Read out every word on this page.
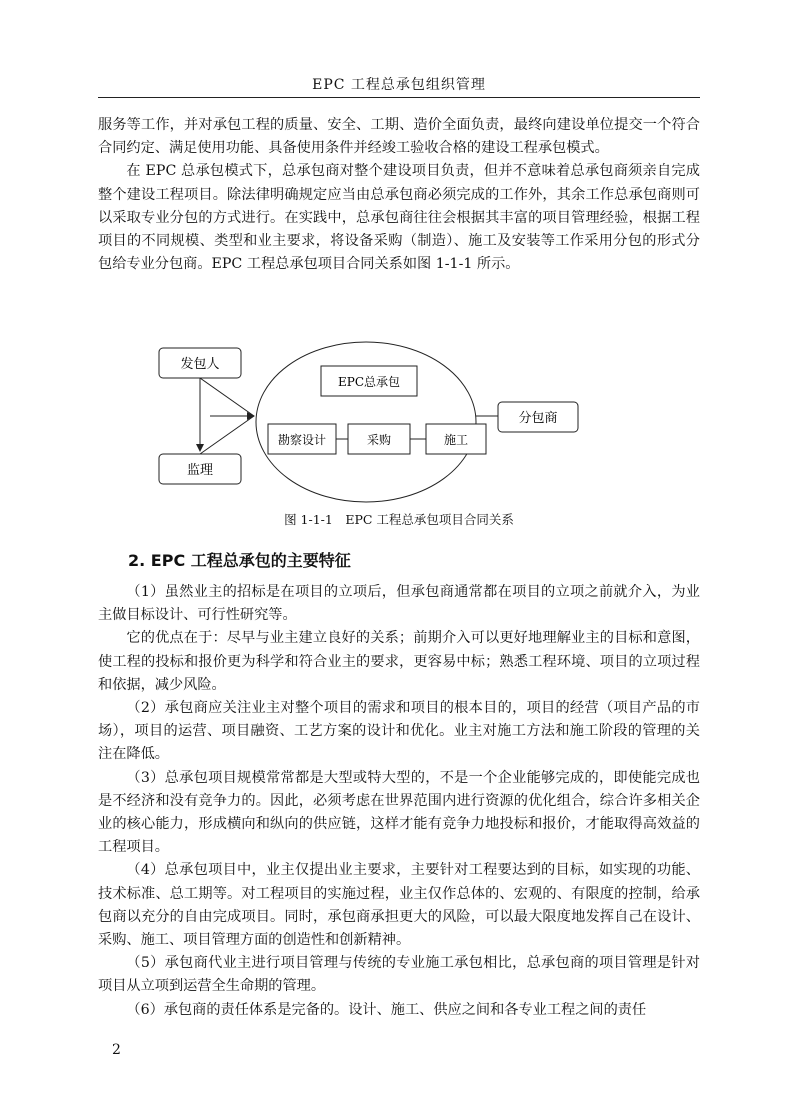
EPC 工程总承包组织管理

服务等工作，并对承包工程的质量、安全、工期、造价全面负责，最终向建设单位提交一个符合合同约定、满足使用功能、具备使用条件并经竣工验收合格的建设工程承包模式。

在 EPC 总承包模式下，总承包商对整个建设项目负责，但并不意味着总承包商须亲自完成整个建设工程项目。除法律明确规定应当由总承包商必须完成的工作外，其余工作总承包商则可以采取专业分包的方式进行。在实践中，总承包商往往会根据其丰富的项目管理经验，根据工程项目的不同规模、类型和业主要求，将设备采购（制造）、施工及安装等工作采用分包的形式分包给专业分包商。EPC 工程总承包项目合同关系如图 1-1-1 所示。

发包人
监理
EPC总承包
勘察设计	采购	施工
分包商
图 1-1-1　EPC 工程总承包项目合同关系
2. EPC 工程总承包的主要特征

（1）虽然业主的招标是在项目的立项后，但承包商通常都在项目的立项之前就介入，为业主做目标设计、可行性研究等。

它的优点在于：尽早与业主建立良好的关系；前期介入可以更好地理解业主的目标和意图，使工程的投标和报价更为科学和符合业主的要求，更容易中标；熟悉工程环境、项目的立项过程和依据，减少风险。

（2）承包商应关注业主对整个项目的需求和项目的根本目的，项目的经营（项目产品的市场），项目的运营、项目融资、工艺方案的设计和优化。业主对施工方法和施工阶段的管理的关注在降低。

（3）总承包项目规模常常都是大型或特大型的，不是一个企业能够完成的，即使能完成也是不经济和没有竞争力的。因此，必须考虑在世界范围内进行资源的优化组合，综合许多相关企业的核心能力，形成横向和纵向的供应链，这样才能有竞争力地投标和报价，才能取得高效益的工程项目。

（4）总承包项目中，业主仅提出业主要求，主要针对工程要达到的目标，如实现的功能、技术标准、总工期等。对工程项目的实施过程，业主仅作总体的、宏观的、有限度的控制，给承包商以充分的自由完成项目。同时，承包商承担更大的风险，可以最大限度地发挥自己在设计、采购、施工、项目管理方面的创造性和创新精神。

（5）承包商代业主进行项目管理与传统的专业施工承包相比，总承包商的项目管理是针对项目从立项到运营全生命期的管理。

（6）承包商的责任体系是完备的。设计、施工、供应之间和各专业工程之间的责任

2
